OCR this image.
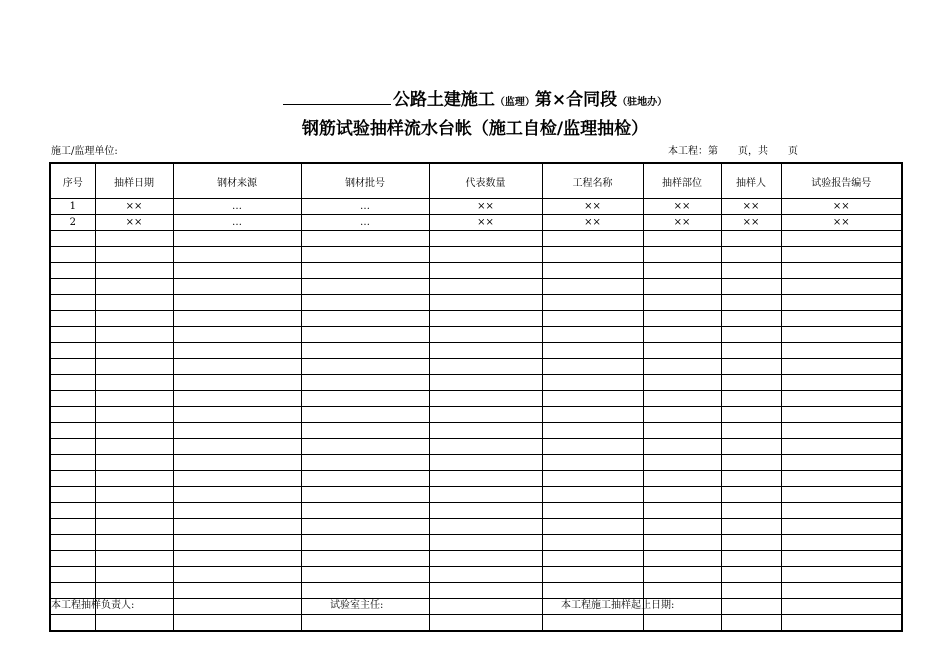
公路土建施工（监理）第×合同段（驻地办）
钢筋试验抽样流水台帐（施工自检/监理抽检）
施工/监理单位:	本工程：第　　页，共　　页
序号	抽样日期	钢材来源	钢材批号	代表数量	工程名称	抽样部位	抽样人	试验报告编号
1	××	…	…	××	××	××	××	××
2	××	…	…	××	××	××	××	××

本工程抽样负责人:	试验室主任:	本工程施工抽样起止日期:
